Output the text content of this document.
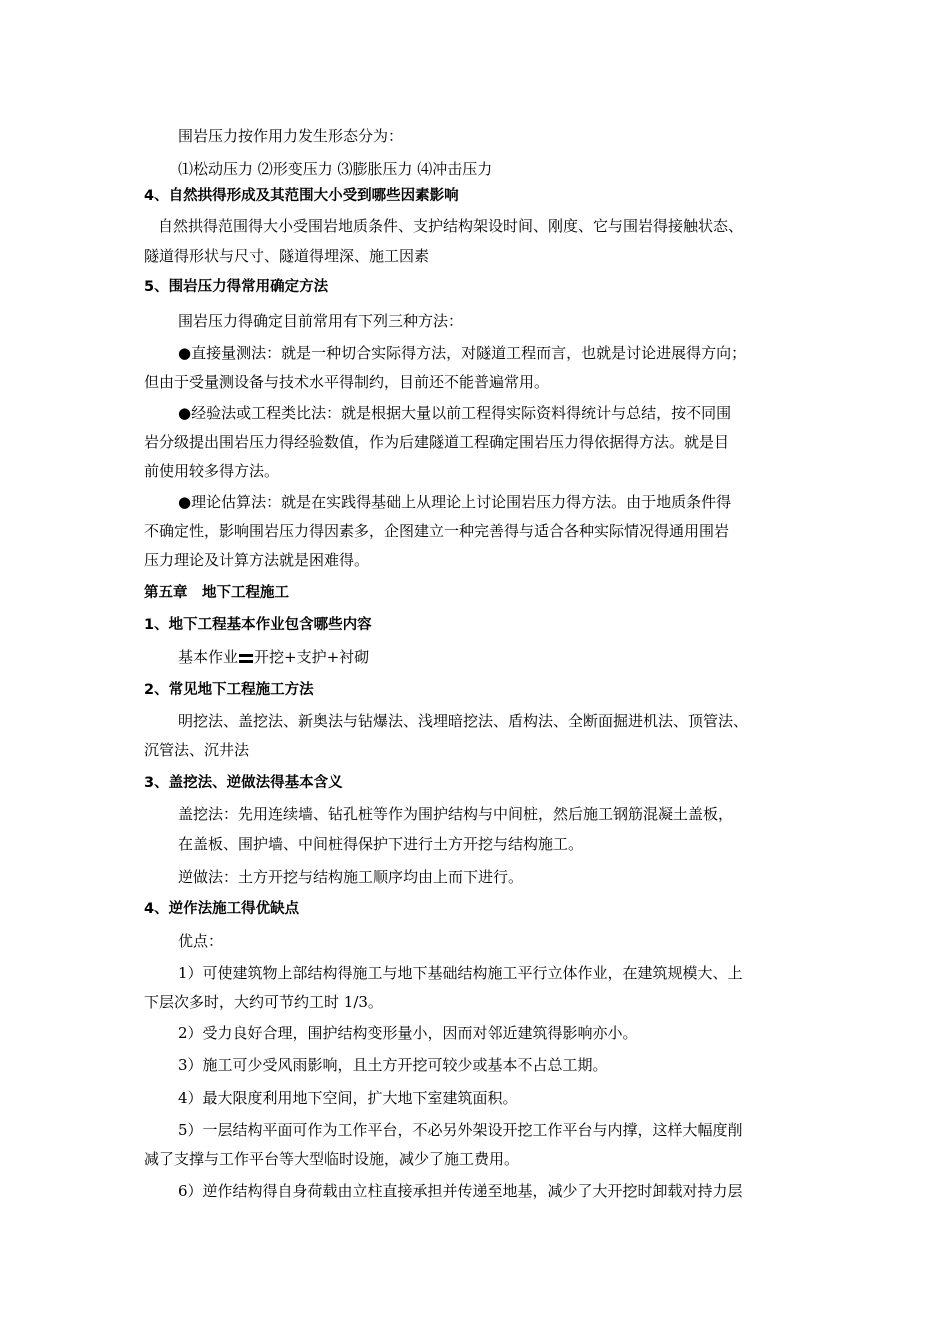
围岩压力按作用力发生形态分为：
⑴松动压力 ⑵形变压力 ⑶膨胀压力 ⑷冲击压力
4、自然拱得形成及其范围大小受到哪些因素影响
自然拱得范围得大小受围岩地质条件、支护结构架设时间、刚度、它与围岩得接触状态、
隧道得形状与尺寸、隧道得埋深、施工因素
5、围岩压力得常用确定方法
围岩压力得确定目前常用有下列三种方法：
●直接量测法：就是一种切合实际得方法，对隧道工程而言，也就是讨论进展得方向；
但由于受量测设备与技术水平得制约，目前还不能普遍常用。
●经验法或工程类比法：就是根据大量以前工程得实际资料得统计与总结，按不同围
岩分级提出围岩压力得经验数值，作为后建隧道工程确定围岩压力得依据得方法。就是目
前使用较多得方法。
●理论估算法：就是在实践得基础上从理论上讨论围岩压力得方法。由于地质条件得
不确定性，影响围岩压力得因素多，企图建立一种完善得与适合各种实际情况得通用围岩
压力理论及计算方法就是困难得。
第五章　地下工程施工
1、地下工程基本作业包含哪些内容
基本作业 开挖+支护+衬砌
2、常见地下工程施工方法
明挖法、盖挖法、新奥法与钻爆法、浅埋暗挖法、盾构法、全断面掘进机法、顶管法、
沉管法、沉井法
3、盖挖法、逆做法得基本含义
盖挖法：先用连续墙、钻孔桩等作为围护结构与中间桩，然后施工钢筋混凝土盖板，
在盖板、围护墙、中间桩得保护下进行土方开挖与结构施工。
逆做法：土方开挖与结构施工顺序均由上而下进行。
4、逆作法施工得优缺点
优点：
1）可使建筑物上部结构得施工与地下基础结构施工平行立体作业，在建筑规模大、上
下层次多时，大约可节约工时 1/3。
2）受力良好合理，围护结构变形量小，因而对邻近建筑得影响亦小。
3）施工可少受风雨影响，且土方开挖可较少或基本不占总工期。
4）最大限度利用地下空间，扩大地下室建筑面积。
5）一层结构平面可作为工作平台，不必另外架设开挖工作平台与内撑，这样大幅度削
减了支撑与工作平台等大型临时设施，减少了施工费用。
6）逆作结构得自身荷载由立柱直接承担并传递至地基，减少了大开挖时卸载对持力层
